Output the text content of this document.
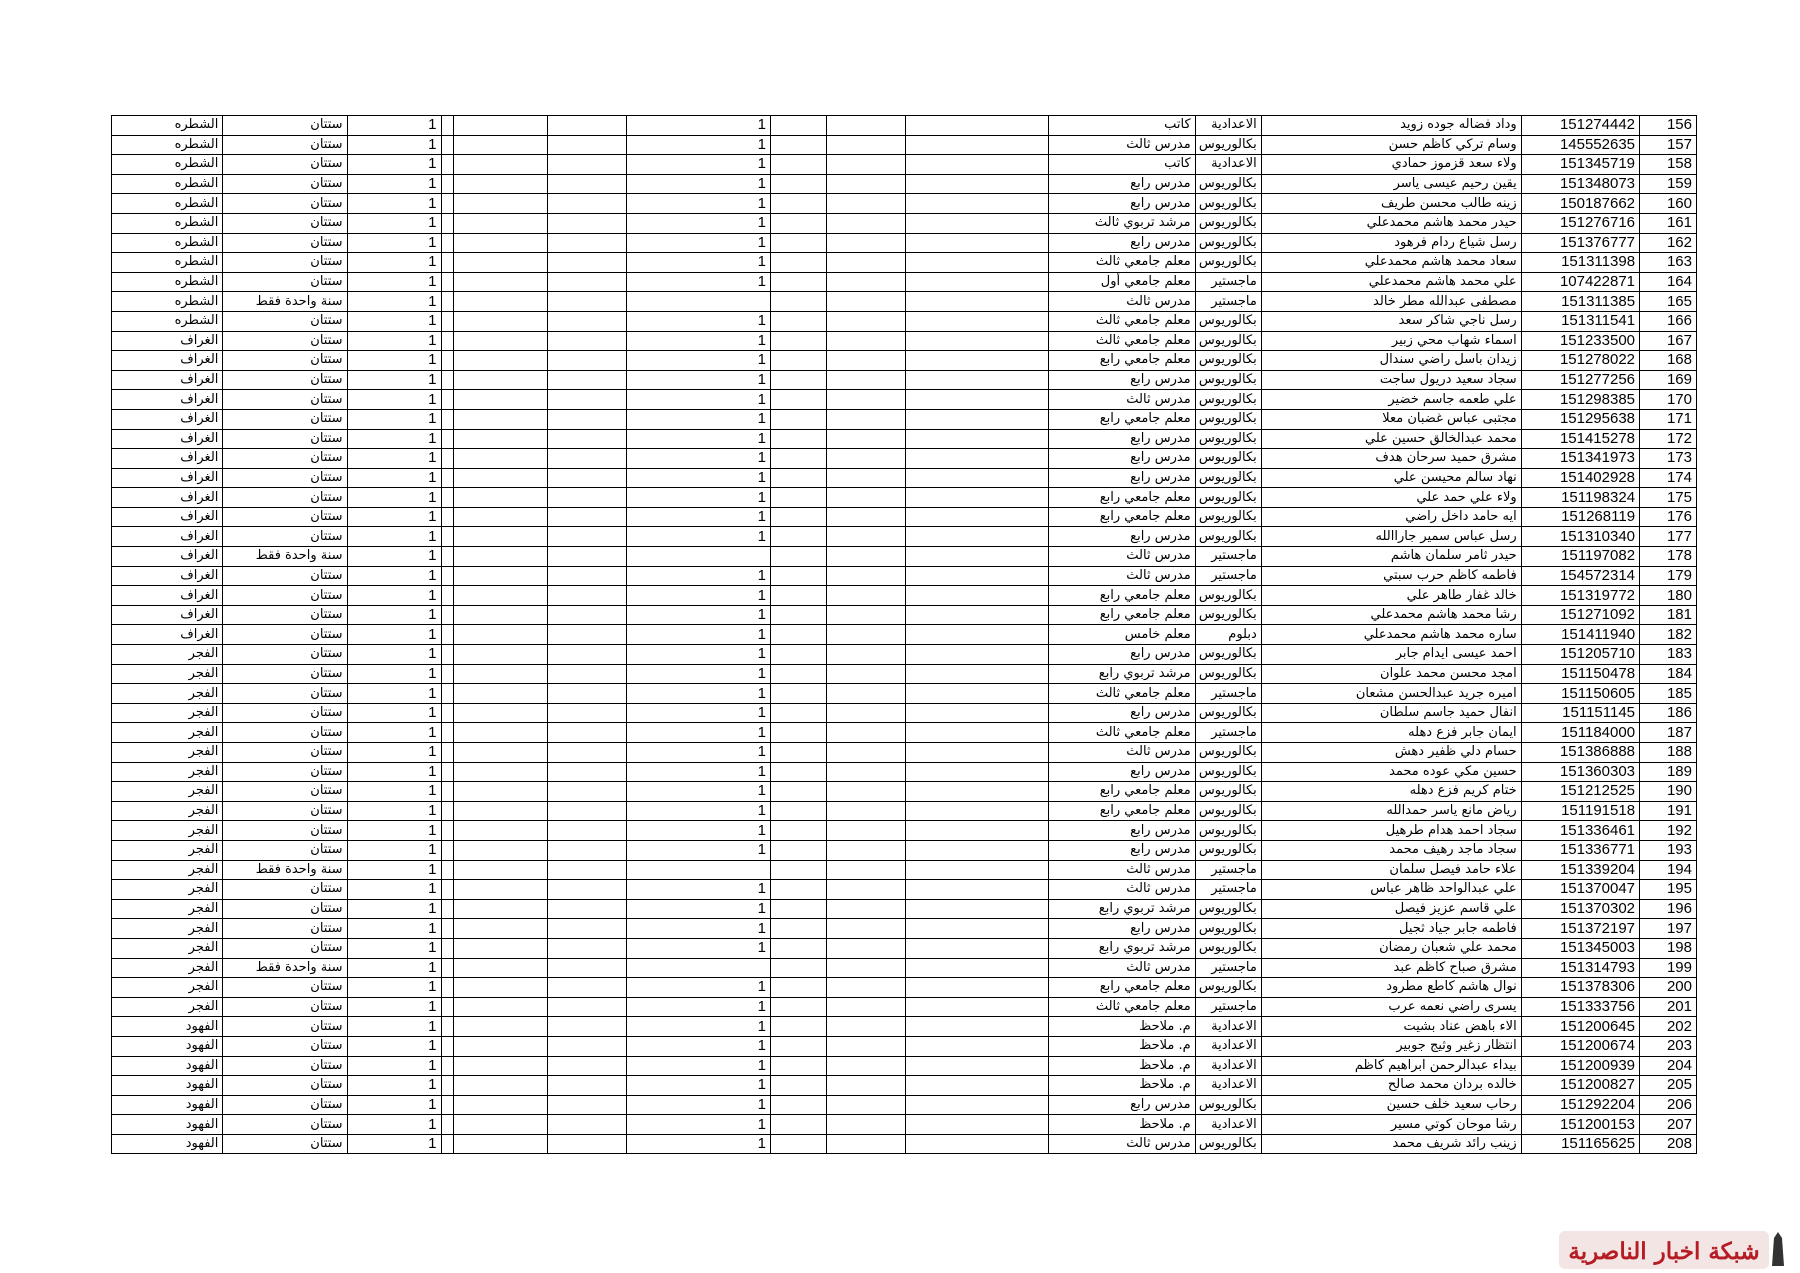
الشطره	ستتان	1				1				كاتب	الاعدادية	وداد فضاله جوده زويد	151274442	156
الشطره	ستتان	1				1				مدرس ثالث	بكالوريوس	وسام تركي كاظم حسن	145552635	157
الشطره	ستتان	1				1				كاتب	الاعدادية	ولاء سعد قزموز حمادي	151345719	158
الشطره	ستتان	1				1				مدرس رابع	بكالوريوس	يقين رحيم عيسى ياسر	151348073	159
الشطره	ستتان	1				1				مدرس رابع	بكالوريوس	زينه طالب محسن طريف	150187662	160
الشطره	ستتان	1				1				مرشد تربوي ثالث	بكالوريوس	حيدر محمد هاشم محمدعلي	151276716	161
الشطره	ستتان	1				1				مدرس رابع	بكالوريوس	رسل شياع ردام فرهود	151376777	162
الشطره	ستتان	1				1				معلم جامعي ثالث	بكالوريوس	سعاد محمد هاشم محمدعلي	151311398	163
الشطره	ستتان	1				1				معلم جامعي أول	ماجستير	علي محمد هاشم محمدعلي	107422871	164
الشطره	سنة واحدة فقط	1								مدرس ثالث	ماجستير	مصطفى عبدالله مطر خالد	151311385	165
الشطره	ستتان	1				1				معلم جامعي ثالث	بكالوريوس	رسل ناجي شاكر سعد	151311541	166
الغراف	ستتان	1				1				معلم جامعي ثالث	بكالوريوس	اسماء شهاب محي زبير	151233500	167
الغراف	ستتان	1				1				معلم جامعي رابع	بكالوريوس	زيدان باسل راضي سندال	151278022	168
الغراف	ستتان	1				1				مدرس رابع	بكالوريوس	سجاد سعيد دريول ساجت	151277256	169
الغراف	ستتان	1				1				مدرس ثالث	بكالوريوس	علي طعمه جاسم خضير	151298385	170
الغراف	ستتان	1				1				معلم جامعي رابع	بكالوريوس	مجتبى عباس غضبان معلا	151295638	171
الغراف	ستتان	1				1				مدرس رابع	بكالوريوس	محمد عبدالخالق حسين علي	151415278	172
الغراف	ستتان	1				1				مدرس رابع	بكالوريوس	مشرق حميد سرحان هدف	151341973	173
الغراف	ستتان	1				1				مدرس رابع	بكالوريوس	نهاد سالم محيسن علي	151402928	174
الغراف	ستتان	1				1				معلم جامعي رابع	بكالوريوس	ولاء علي حمد علي	151198324	175
الغراف	ستتان	1				1				معلم جامعي رابع	بكالوريوس	ايه حامد داخل راضي	151268119	176
الغراف	ستتان	1				1				مدرس رابع	بكالوريوس	رسل عباس سمير جاراالله	151310340	177
الغراف	سنة واحدة فقط	1								مدرس ثالث	ماجستير	حيدر ثامر سلمان هاشم	151197082	178
الغراف	ستتان	1				1				مدرس ثالث	ماجستير	فاطمه كاظم حرب سبتي	154572314	179
الغراف	ستتان	1				1				معلم جامعي رابع	بكالوريوس	خالد غفار طاهر علي	151319772	180
الغراف	ستتان	1				1				معلم جامعي رابع	بكالوريوس	رشا محمد هاشم محمدعلي	151271092	181
الغراف	ستتان	1				1				معلم خامس	دبلوم	ساره محمد هاشم محمدعلي	151411940	182
الفجر	ستتان	1				1				مدرس رابع	بكالوريوس	احمد عيسى ايدام جابر	151205710	183
الفجر	ستتان	1				1				مرشد تربوي رابع	بكالوريوس	امجد محسن محمد علوان	151150478	184
الفجر	ستتان	1				1				معلم جامعي ثالث	ماجستير	اميره جريد عبدالحسن مشعان	151150605	185
الفجر	ستتان	1				1				مدرس رابع	بكالوريوس	انفال حميد جاسم سلطان	151151145	186
الفجر	ستتان	1				1				معلم جامعي ثالث	ماجستير	ايمان جابر فزع دهله	151184000	187
الفجر	ستتان	1				1				مدرس ثالث	بكالوريوس	حسام دلي ظفير دهش	151386888	188
الفجر	ستتان	1				1				مدرس رابع	بكالوريوس	حسين مكي عوده محمد	151360303	189
الفجر	ستتان	1				1				معلم جامعي رابع	بكالوريوس	ختام كريم فزع دهله	151212525	190
الفجر	ستتان	1				1				معلم جامعي رابع	بكالوريوس	رياض مانع ياسر حمدالله	151191518	191
الفجر	ستتان	1				1				مدرس رابع	بكالوريوس	سجاد احمد هدام طرهيل	151336461	192
الفجر	ستتان	1				1				مدرس رابع	بكالوريوس	سجاد ماجد رهيف محمد	151336771	193
الفجر	سنة واحدة فقط	1								مدرس ثالث	ماجستير	علاء حامد فيصل سلمان	151339204	194
الفجر	ستتان	1				1				مدرس ثالث	ماجستير	علي عبدالواحد ظاهر عباس	151370047	195
الفجر	ستتان	1				1				مرشد تربوي رابع	بكالوريوس	علي قاسم عزيز فيصل	151370302	196
الفجر	ستتان	1				1				مدرس رابع	بكالوريوس	فاطمه جابر جياد ثجيل	151372197	197
الفجر	ستتان	1				1				مرشد تربوي رابع	بكالوريوس	محمد علي شعبان رمضان	151345003	198
الفجر	سنة واحدة فقط	1								مدرس ثالث	ماجستير	مشرق صباح كاظم عبد	151314793	199
الفجر	ستتان	1				1				معلم جامعي رابع	بكالوريوس	نوال هاشم كاطع مطرود	151378306	200
الفجر	ستتان	1				1				معلم جامعي ثالث	ماجستير	يسرى راضي نعمه عرب	151333756	201
الفهود	ستتان	1				1				م. ملاحظ	الاعدادية	الاء باهض عناد بشيت	151200645	202
الفهود	ستتان	1				1				م. ملاحظ	الاعدادية	انتظار زغير وثيج جوبير	151200674	203
الفهود	ستتان	1				1				م. ملاحظ	الاعدادية	بيداء عبدالرحمن ابراهيم كاظم	151200939	204
الفهود	ستتان	1				1				م. ملاحظ	الاعدادية	خالده بردان محمد صالح	151200827	205
الفهود	ستتان	1				1				مدرس رابع	بكالوريوس	رحاب سعيد خلف حسين	151292204	206
الفهود	ستتان	1				1				م. ملاحظ	الاعدادية	رشا موحان كوتي مسير	151200153	207
الفهود	ستتان	1				1				مدرس ثالث	بكالوريوس	زينب رائد شريف محمد	151165625	208
شبكة اخبار الناصرية
